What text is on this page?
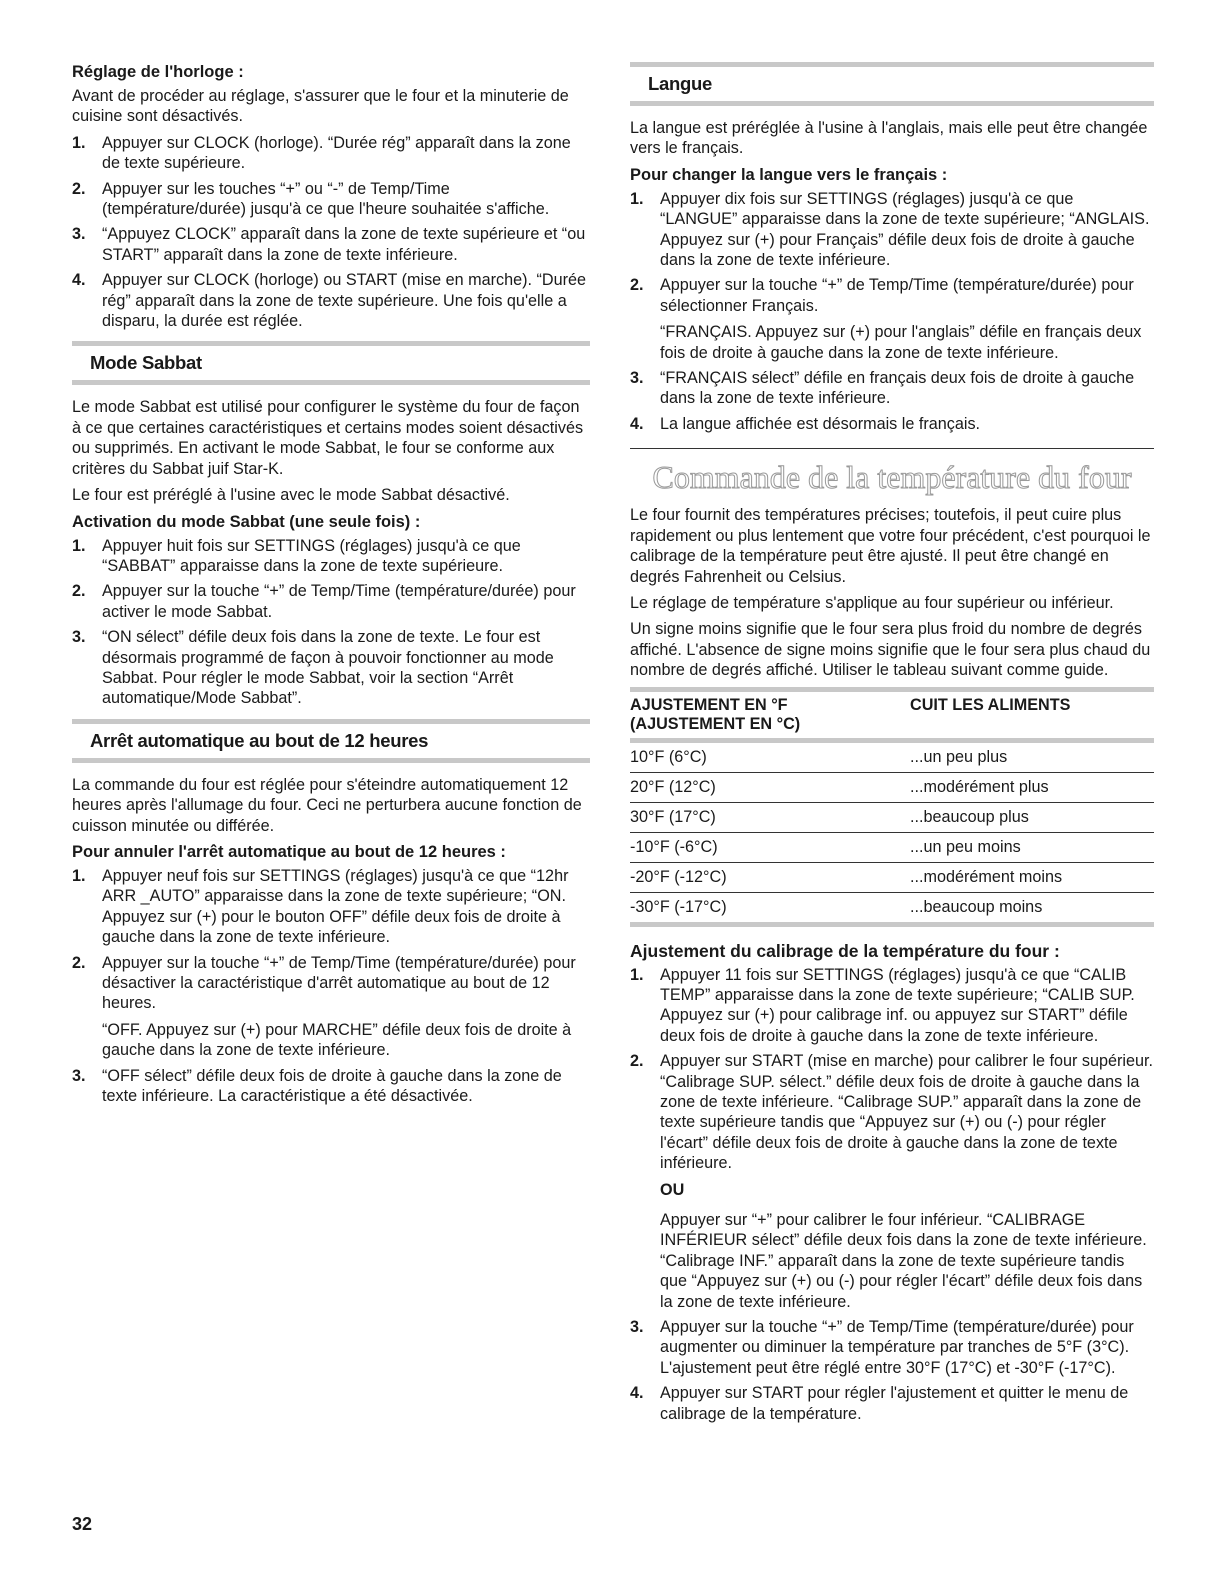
Réglage de l'horloge :
Avant de procéder au réglage, s'assurer que le four et la minuterie de cuisine sont désactivés.
1. Appuyer sur CLOCK (horloge). “Durée rég” apparaît dans la zone de texte supérieure.
2. Appuyer sur les touches “+” ou “-” de Temp/Time (température/durée) jusqu'à ce que l'heure souhaitée s'affiche.
3. “Appuyez CLOCK” apparaît dans la zone de texte supérieure et “ou START” apparaît dans la zone de texte inférieure.
4. Appuyer sur CLOCK (horloge) ou START (mise en marche). “Durée rég” apparaît dans la zone de texte supérieure. Une fois qu'elle a disparu, la durée est réglée.
Mode Sabbat
Le mode Sabbat est utilisé pour configurer le système du four de façon à ce que certaines caractéristiques et certains modes soient désactivés ou supprimés. En activant le mode Sabbat, le four se conforme aux critères du Sabbat juif Star-K.
Le four est préréglé à l'usine avec le mode Sabbat désactivé.
Activation du mode Sabbat (une seule fois) :
1. Appuyer huit fois sur SETTINGS (réglages) jusqu'à ce que “SABBAT” apparaisse dans la zone de texte supérieure.
2. Appuyer sur la touche “+” de Temp/Time (température/durée) pour activer le mode Sabbat.
3. “ON sélect” défile deux fois dans la zone de texte. Le four est désormais programmé de façon à pouvoir fonctionner au mode Sabbat. Pour régler le mode Sabbat, voir la section “Arrêt automatique/Mode Sabbat”.
Arrêt automatique au bout de 12 heures
La commande du four est réglée pour s'éteindre automatiquement 12 heures après l'allumage du four. Ceci ne perturbera aucune fonction de cuisson minutée ou différée.
Pour annuler l'arrêt automatique au bout de 12 heures :
1. Appuyer neuf fois sur SETTINGS (réglages) jusqu'à ce que “12hr ARR _AUTO” apparaisse dans la zone de texte supérieure; “ON. Appuyez sur (+) pour le bouton OFF” défile deux fois de droite à gauche dans la zone de texte inférieure.
2. Appuyer sur la touche “+” de Temp/Time (température/durée) pour désactiver la caractéristique d'arrêt automatique au bout de 12 heures.
“OFF. Appuyez sur (+) pour MARCHE” défile deux fois de droite à gauche dans la zone de texte inférieure.
3. “OFF sélect” défile deux fois de droite à gauche dans la zone de texte inférieure. La caractéristique a été désactivée.
Langue
La langue est préréglée à l'usine à l'anglais, mais elle peut être changée vers le français.
Pour changer la langue vers le français :
1. Appuyer dix fois sur SETTINGS (réglages) jusqu'à ce que “LANGUE” apparaisse dans la zone de texte supérieure; “ANGLAIS. Appuyez sur (+) pour Français” défile deux fois de droite à gauche dans la zone de texte inférieure.
2. Appuyer sur la touche “+” de Temp/Time (température/durée) pour sélectionner Français.
“FRANÇAIS. Appuyez sur (+) pour l'anglais” défile en français deux fois de droite à gauche dans la zone de texte inférieure.
3. “FRANÇAIS sélect” défile en français deux fois de droite à gauche dans la zone de texte inférieure.
4. La langue affichée est désormais le français.
Commande de la température du four
Le four fournit des températures précises; toutefois, il peut cuire plus rapidement ou plus lentement que votre four précédent, c'est pourquoi le calibrage de la température peut être ajusté. Il peut être changé en degrés Fahrenheit ou Celsius.
Le réglage de température s'applique au four supérieur ou inférieur.
Un signe moins signifie que le four sera plus froid du nombre de degrés affiché. L'absence de signe moins signifie que le four sera plus chaud du nombre de degrés affiché. Utiliser le tableau suivant comme guide.
AJUSTEMENT EN °F
(AJUSTEMENT EN °C)	CUIT LES ALIMENTS
10°F (6°C)	...un peu plus
20°F (12°C)	...modérément plus
30°F (17°C)	...beaucoup plus
-10°F (-6°C)	...un peu moins
-20°F (-12°C)	...modérément moins
-30°F (-17°C)	...beaucoup moins
Ajustement du calibrage de la température du four :
1. Appuyer 11 fois sur SETTINGS (réglages) jusqu'à ce que “CALIB TEMP” apparaisse dans la zone de texte supérieure; “CALIB SUP. Appuyez sur (+) pour calibrage inf. ou appuyez sur START” défile deux fois de droite à gauche dans la zone de texte inférieure.
2. Appuyer sur START (mise en marche) pour calibrer le four supérieur. “Calibrage SUP. sélect.” défile deux fois de droite à gauche dans la zone de texte inférieure. “Calibrage SUP.” apparaît dans la zone de texte supérieure tandis que “Appuyez sur (+) ou (-) pour régler l'écart” défile deux fois de droite à gauche dans la zone de texte inférieure.
OU
Appuyer sur “+” pour calibrer le four inférieur. “CALIBRAGE INFÉRIEUR sélect” défile deux fois dans la zone de texte inférieure. “Calibrage INF.” apparaît dans la zone de texte supérieure tandis que “Appuyez sur (+) ou (-) pour régler l'écart” défile deux fois dans la zone de texte inférieure.
3. Appuyer sur la touche “+” de Temp/Time (température/durée) pour augmenter ou diminuer la température par tranches de 5°F (3°C). L'ajustement peut être réglé entre 30°F (17°C) et -30°F (-17°C).
4. Appuyer sur START pour régler l'ajustement et quitter le menu de calibrage de la température.
32
